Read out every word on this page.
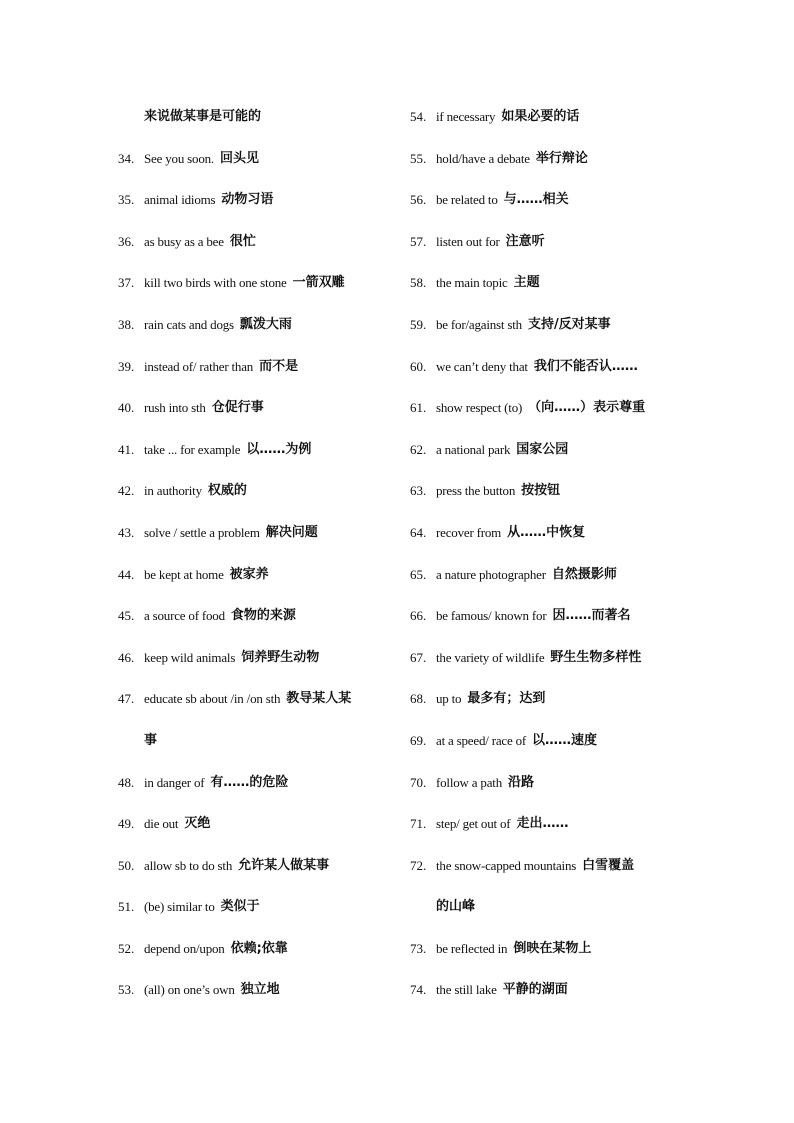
来说做某事是可能的
34. See you soon. 回头见
35. animal idioms 动物习语
36. as busy as a bee 很忙
37. kill two birds with one stone 一箭双雕
38. rain cats and dogs 瓢泼大雨
39. instead of/ rather than 而不是
40. rush into sth 仓促行事
41. take ... for example 以……为例
42. in authority 权威的
43. solve / settle a problem 解决问题
44. be kept at home 被家养
45. a source of food 食物的来源
46. keep wild animals 饲养野生动物
47. educate sb about /in /on sth 教导某人某
事
48. in danger of 有……的危险
49. die out 灭绝
50. allow sb to do sth 允许某人做某事
51. (be) similar to 类似于
52. depend on/upon 依赖;依靠
53. (all) on one’s own 独立地
54. if necessary 如果必要的话
55. hold/have a debate 举行辩论
56. be related to 与……相关
57. listen out for 注意听
58. the main topic 主题
59. be for/against sth 支持/反对某事
60. we can’t deny that 我们不能否认……
61. show respect (to) （向……）表示尊重
62. a national park 国家公园
63. press the button 按按钮
64. recover from 从……中恢复
65. a nature photographer 自然摄影师
66. be famous/ known for 因……而著名
67. the variety of wildlife 野生生物多样性
68. up to 最多有；达到
69. at a speed/ race of 以……速度
70. follow a path 沿路
71. step/ get out of 走出……
72. the snow-capped mountains 白雪覆盖
的山峰
73. be reflected in 倒映在某物上
74. the still lake 平静的湖面
